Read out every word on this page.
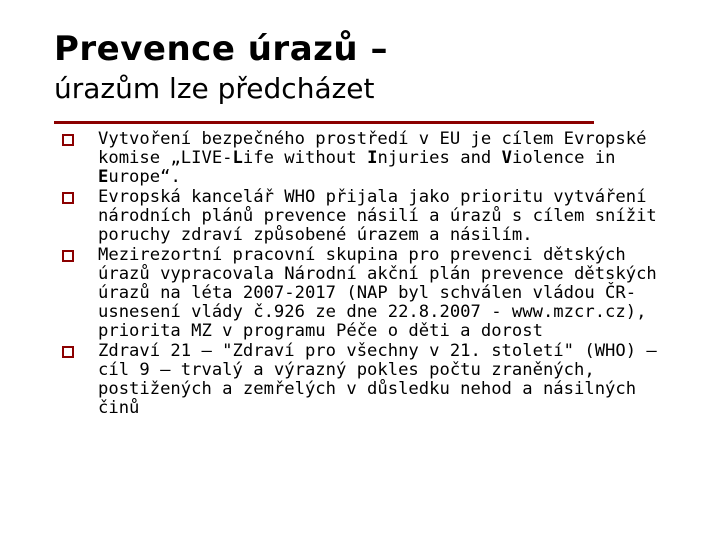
Prevence úrazů –
úrazům lze předcházet
Vytvoření bezpečného prostředí v EU je cílem Evropské komise „LIVE-Life without Injuries and Violence in Europe“.
Evropská kancelář WHO přijala jako prioritu vytváření národních plánů prevence násilí a úrazů s cílem snížit poruchy zdraví způsobené úrazem a násilím.
Mezirezortní pracovní skupina pro prevenci dětských úrazů vypracovala Národní akční plán prevence dětských úrazů na léta 2007-2017 (NAP byl schválen vládou ČR- usnesení vlády č.926 ze dne 22.8.2007 - www.mzcr.cz), priorita MZ v programu Péče o děti a dorost
Zdraví 21 – "Zdraví pro všechny v 21. století" (WHO) – cíl 9 – trvalý a výrazný pokles počtu zraněných, postižených a zemřelých v důsledku nehod a násilných činů
